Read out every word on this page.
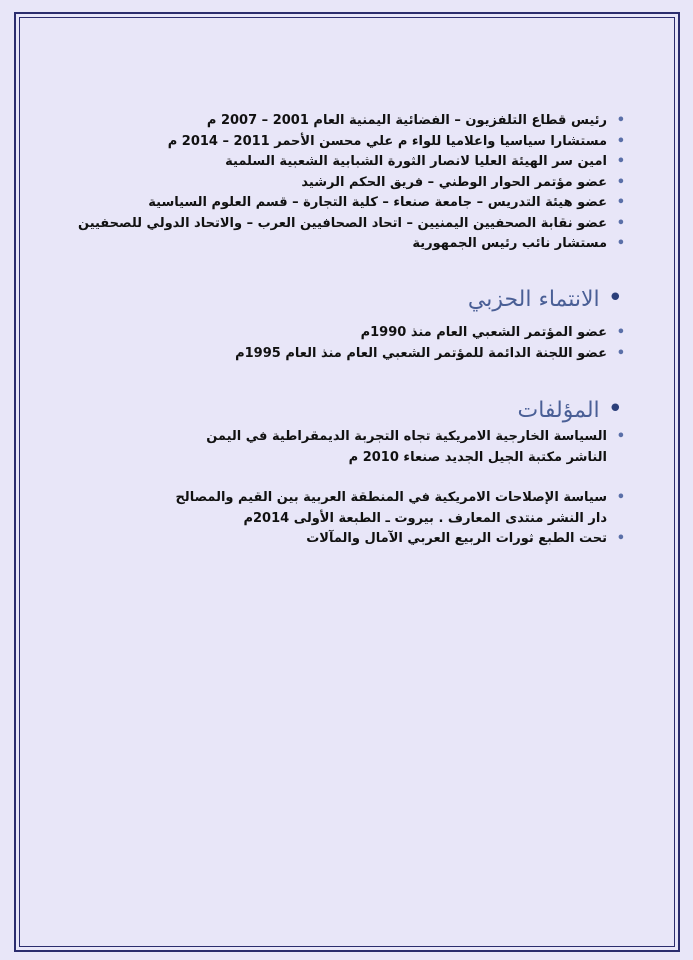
•
رئيس قطاع التلفزيون – الفضائية اليمنية العام 2001 – 2007 م
•
مستشارا سياسيا واعلاميا للواء م علي محسن الأحمر 2011 – 2014 م
•
امين سر الهيئة العليا لانصار الثورة الشبابية الشعبية السلمية
•
عضو مؤتمر الحوار الوطني – فريق الحكم الرشيد
•
عضو هيئة التدريس – جامعة صنعاء – كلية التجارة – قسم العلوم السياسية
•
عضو نقابة الصحفيين اليمنيين – اتحاد الصحافيين العرب – والاتحاد الدولي للصحفيين
•
مستشار نائب رئيس الجمهورية
•الانتماء الحزبي
•
عضو المؤتمر الشعبي العام منذ 1990م
•
عضو اللجنة الدائمة للمؤتمر الشعبي العام منذ العام 1995م
•المؤلفات
•
السياسة الخارجية الامريكية تجاه التجربة الديمقراطية في اليمن
الناشر مكتبة الجيل الجديد صنعاء 2010 م
•
سياسة الإصلاحات الامريكية في المنطقة العربية بين القيم والمصالح
دار النشر منتدى المعارف . بيروت ـ الطبعة الأولى 2014م
•
تحت الطبع ثورات الربيع العربي الآمال والمآلات
